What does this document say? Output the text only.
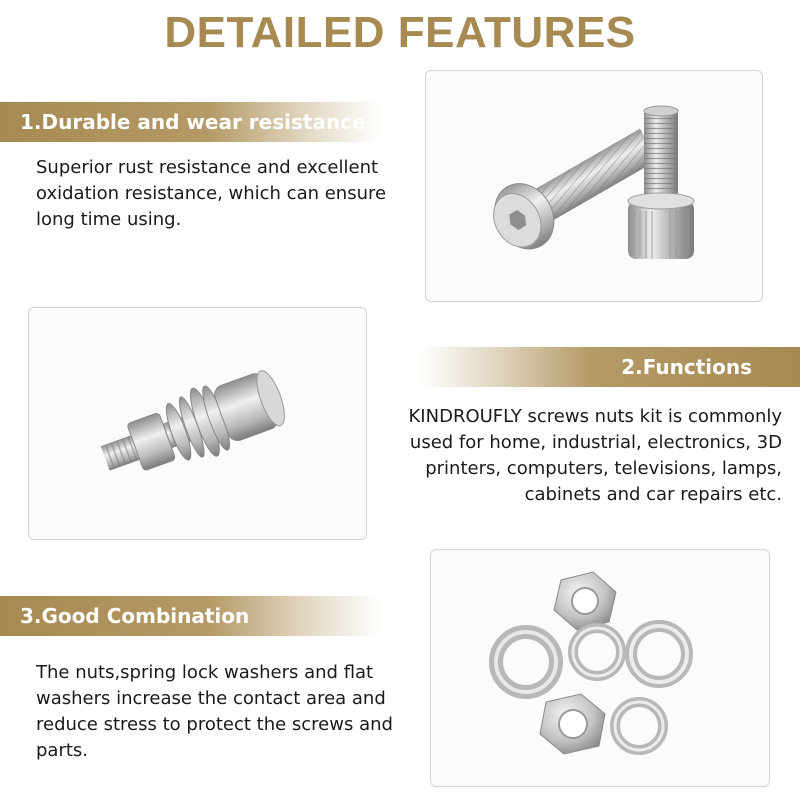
DETAILED FEATURES
1.Durable and wear resistance
Superior rust resistance and excellent oxidation resistance, which can ensure long time using.
2.Functions
KINDROUFLY screws nuts kit is commonly used for home, industrial, electronics, 3D printers, computers, televisions, lamps, cabinets and car repairs etc.
3.Good Combination
The nuts,spring lock washers and flat washers increase the contact area and reduce stress to protect the screws and parts.
